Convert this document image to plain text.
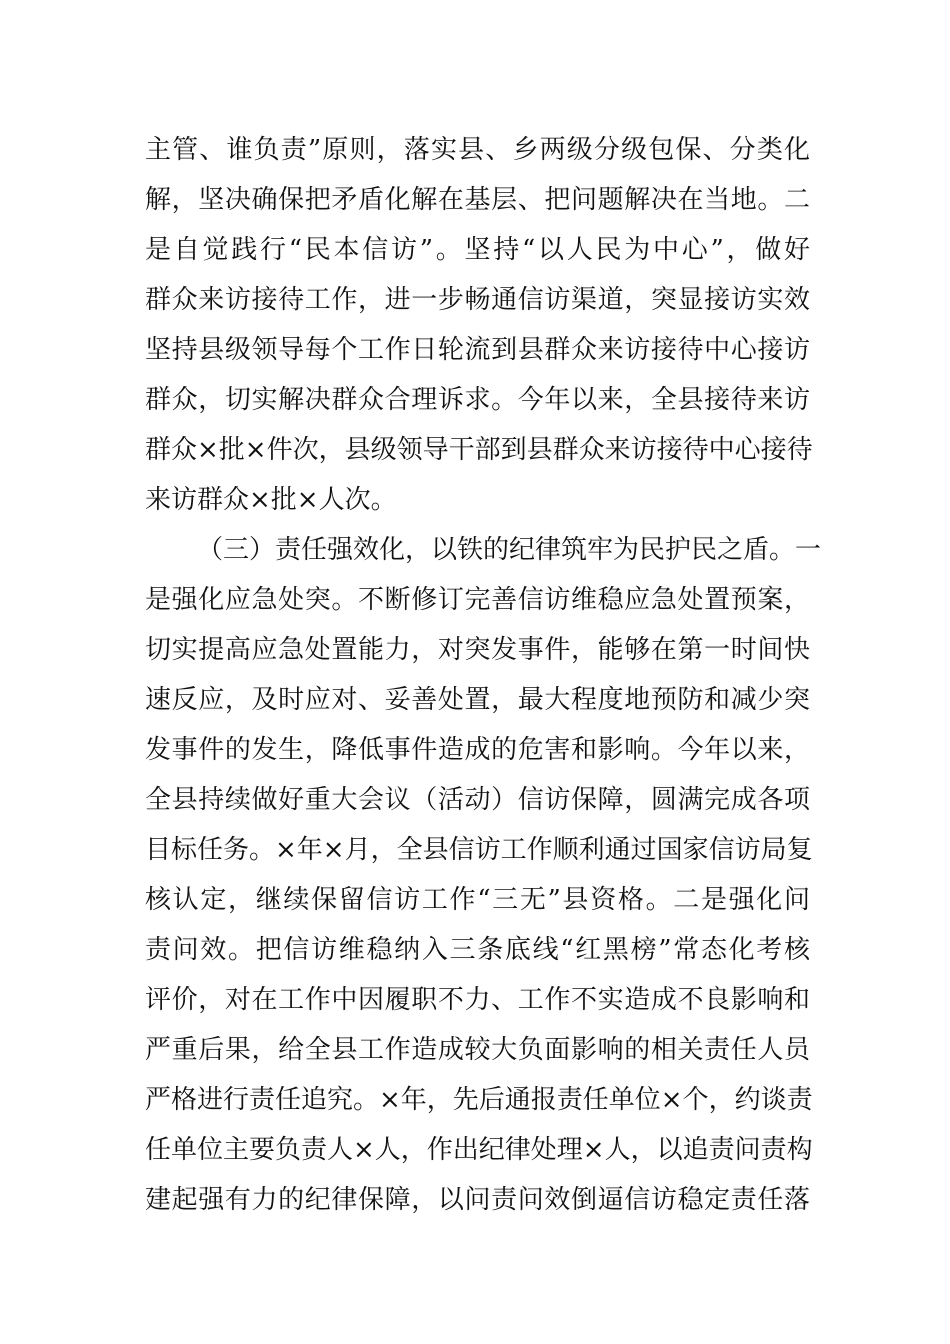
主管、谁负责”原则，落实县、乡两级分级包保、分类化
解，坚决确保把矛盾化解在基层、把问题解决在当地。二
是自觉践行“民本信访”。坚持“以人民为中心”，做好
群众来访接待工作，进一步畅通信访渠道，突显接访实效
坚持县级领导每个工作日轮流到县群众来访接待中心接访
群众，切实解决群众合理诉求。今年以来，全县接待来访
群众×批×件次，县级领导干部到县群众来访接待中心接待
来访群众×批×人次。
（三）责任强效化，以铁的纪律筑牢为民护民之盾。一
是强化应急处突。不断修订完善信访维稳应急处置预案，
切实提高应急处置能力，对突发事件，能够在第一时间快
速反应，及时应对、妥善处置，最大程度地预防和减少突
发事件的发生，降低事件造成的危害和影响。今年以来，
全县持续做好重大会议（活动）信访保障，圆满完成各项
目标任务。×年×月，全县信访工作顺利通过国家信访局复
核认定，继续保留信访工作“三无”县资格。二是强化问
责问效。把信访维稳纳入三条底线“红黑榜”常态化考核
评价，对在工作中因履职不力、工作不实造成不良影响和
严重后果，给全县工作造成较大负面影响的相关责任人员
严格进行责任追究。×年，先后通报责任单位×个，约谈责
任单位主要负责人×人，作出纪律处理×人，以追责问责构
建起强有力的纪律保障，以问责问效倒逼信访稳定责任落
